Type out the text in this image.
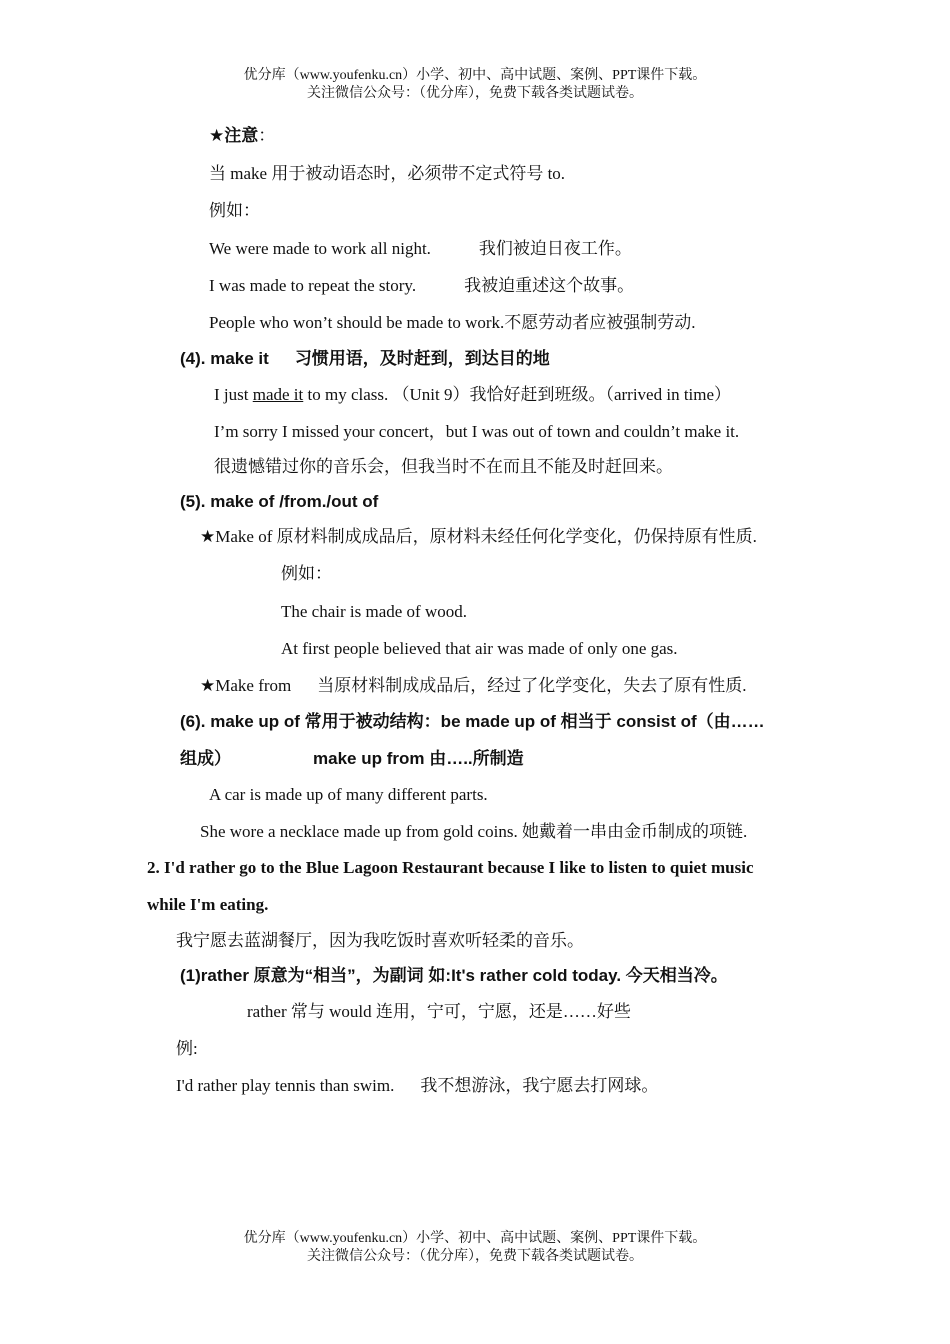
优分库（www.youfenku.cn）小学、初中、高中试题、案例、PPT课件下载。
关注微信公众号：（优分库），免费下载各类试题试卷。
★注意：
当 make 用于被动语态时，必须带不定式符号 to.
例如：
We were made to work all night.	我们被迫日夜工作。
I was made to repeat the story.	我被迫重述这个故事。
People who won’t should be made to work.不愿劳动者应被强制劳动.
(4). make it 习惯用语，及时赶到，到达目的地
I just made it to my class. （Unit 9）我恰好赶到班级。（arrived in time）
I’m sorry I missed your concert，but I was out of town and couldn’t make it.
很遗憾错过你的音乐会，但我当时不在而且不能及时赶回来。
(5). make of /from./out of
★Make of 原材料制成成品后，原材料未经任何化学变化，仍保持原有性质.
例如：
The chair is made of wood.
At first people believed that air was made of only one gas.
★Make from 当原材料制成成品后，经过了化学变化，失去了原有性质.
(6). make up of 常用于被动结构：be made up of 相当于 consist of（由……
组成）	make up from 由…..所制造
A car is made up of many different parts.
She wore a necklace made up from gold coins. 她戴着一串由金币制成的项链.
2. I'd rather go to the Blue Lagoon Restaurant because I like to listen to quiet music
while I'm eating.
我宁愿去蓝湖餐厅，因为我吃饭时喜欢听轻柔的音乐。
(1)rather 原意为“相当”，为副词 如:It's rather cold today. 今天相当冷。
rather 常与 would 连用，宁可，宁愿，还是……好些
例:
I'd rather play tennis than swim. 我不想游泳，我宁愿去打网球。
优分库（www.youfenku.cn）小学、初中、高中试题、案例、PPT课件下载。
关注微信公众号：（优分库），免费下载各类试题试卷。
